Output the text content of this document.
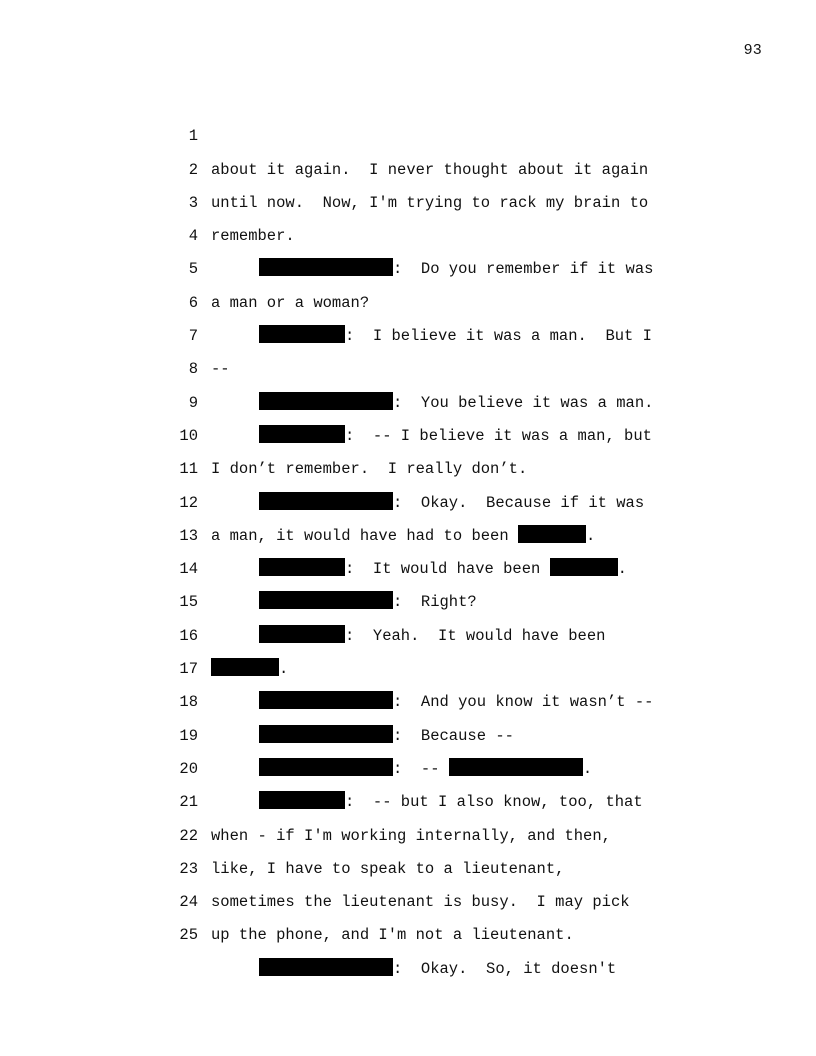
93

1

about it again.  I never thought about it again

2

until now.  Now, I'm trying to rack my brain to

3

remember.

4

:  Do you remember if it was

5

a man or a woman?

6

:  I believe it was a man.  But I

7

--

8

:  You believe it was a man.

9

:  -- I believe it was a man, but

10

I don’t remember.  I really don’t.

11

:  Okay.  Because if it was

12

a man, it would have had to been	.

13

:  It would have been	.

14

:  Right?

15

:  Yeah.  It would have been

16

.

17

:  And you know it wasn’t --

18

:  Because --

19

:  --	.

20

:  -- but I also know, too, that

21

when - if I'm working internally, and then,

22

like, I have to speak to a lieutenant,

23

sometimes the lieutenant is busy.  I may pick

24

up the phone, and I'm not a lieutenant.

25

:  Okay.  So, it doesn't
